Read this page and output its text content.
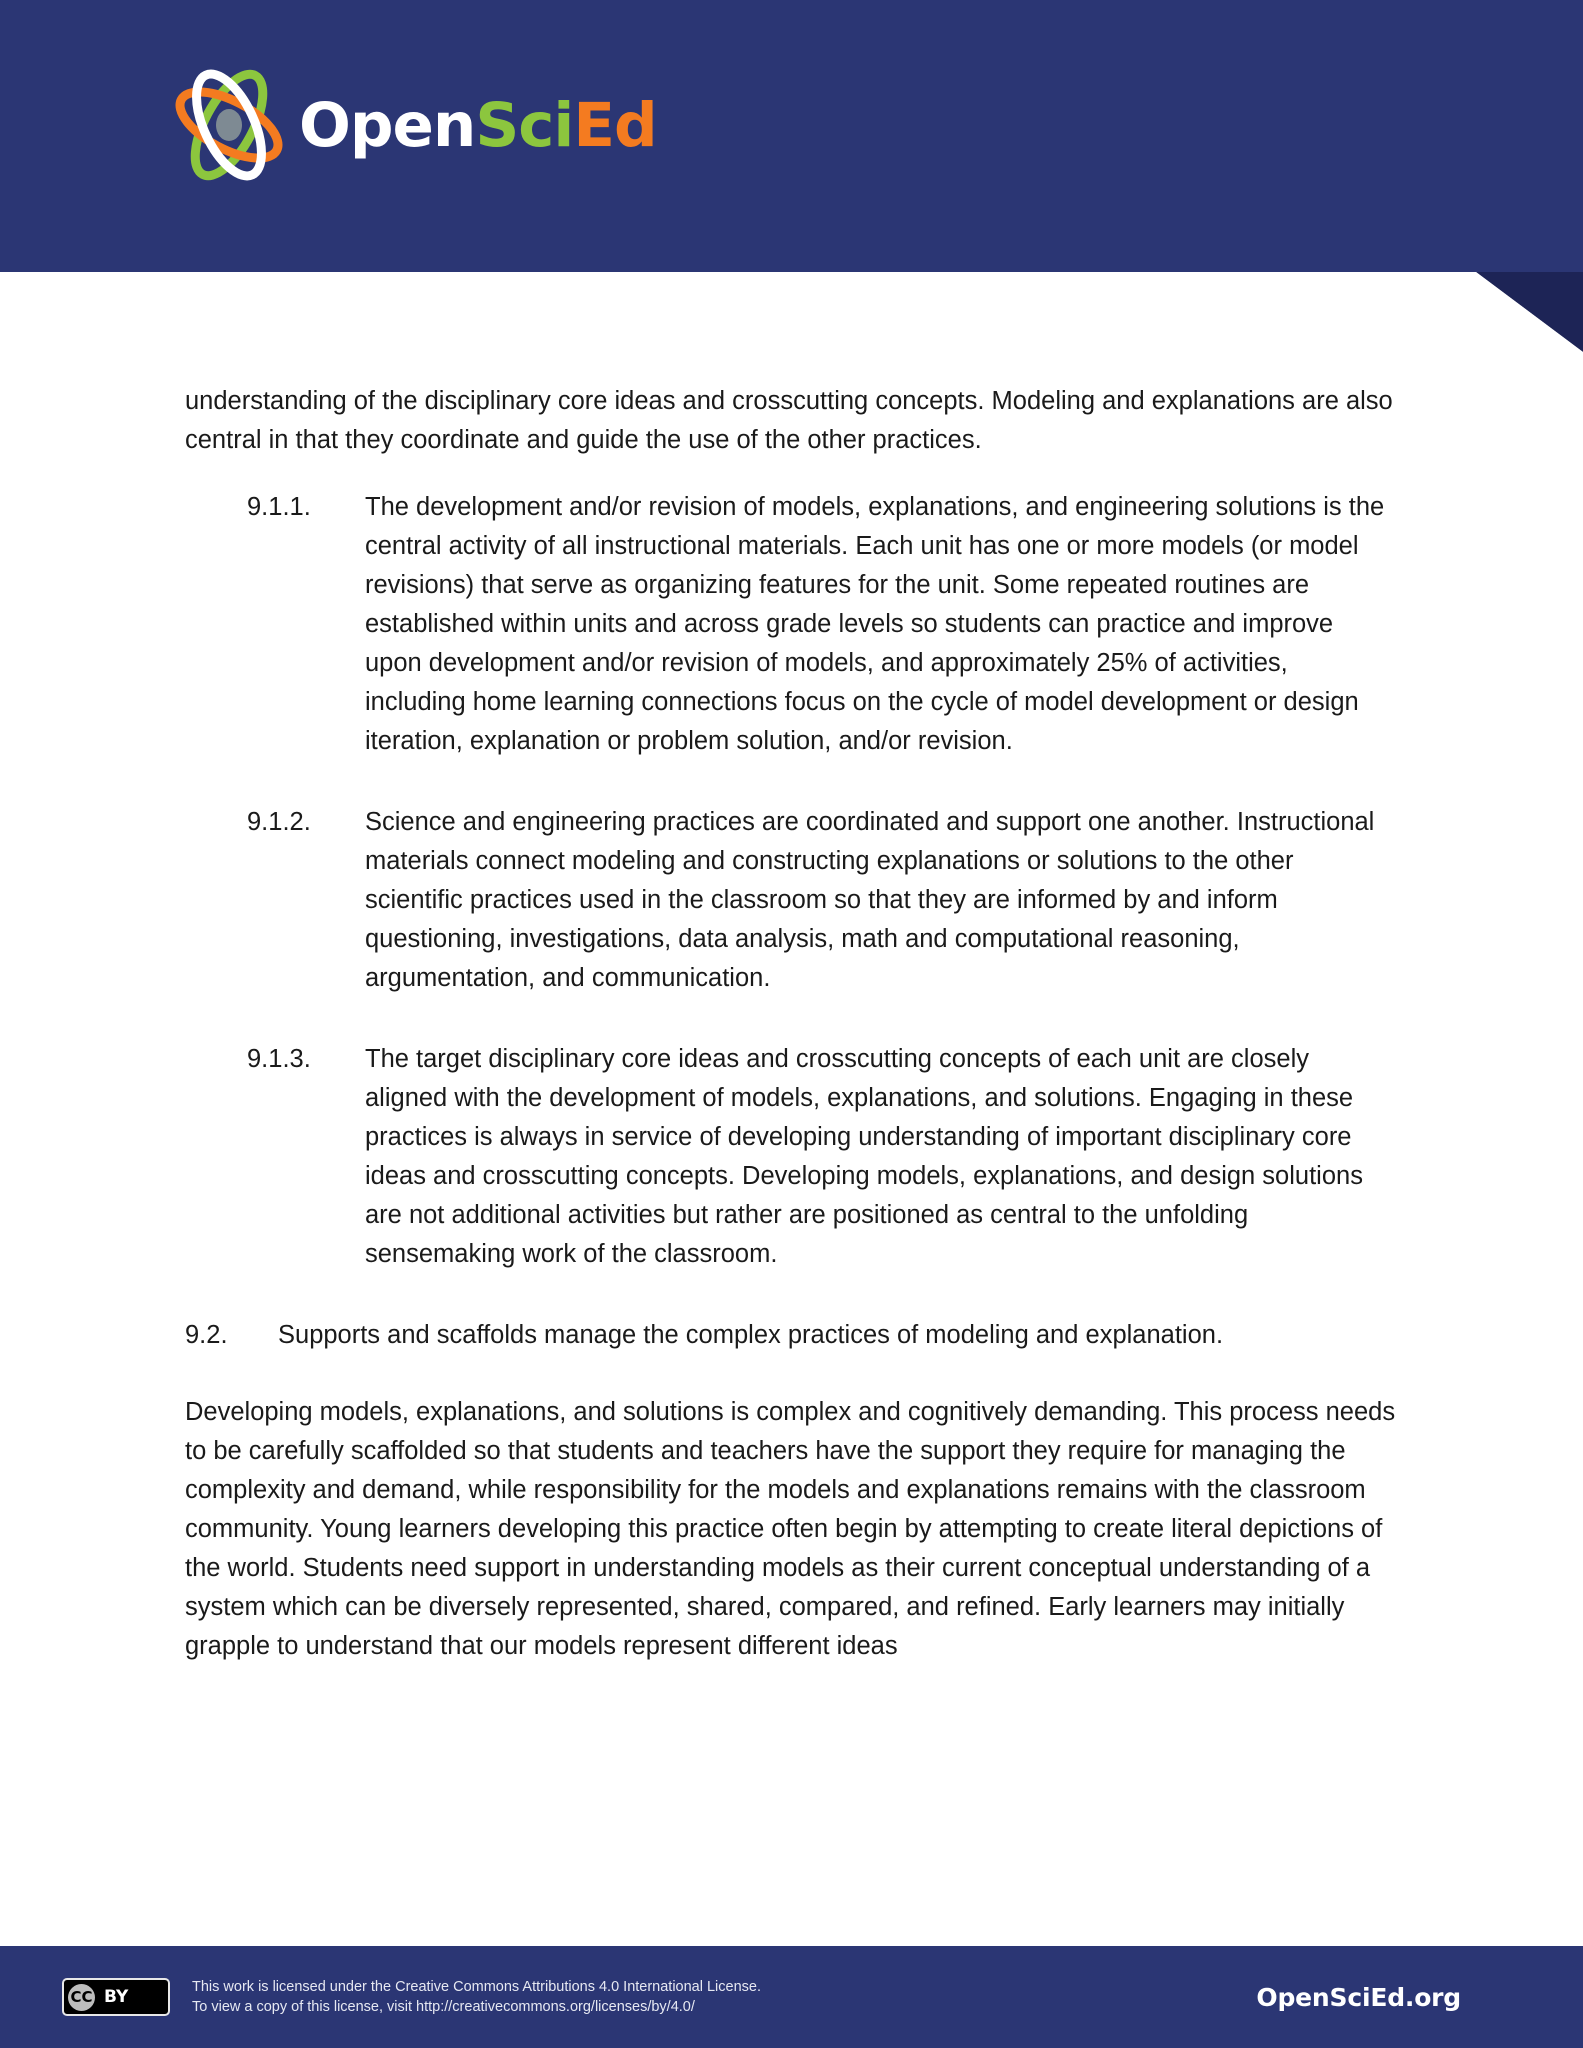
OpenSciEd

understanding of the disciplinary core ideas and crosscutting concepts. Modeling and explanations are also central in that they coordinate and guide the use of the other practices.

9.1.1.	The development and/or revision of models, explanations, and engineering solutions is the central activity of all instructional materials. Each unit has one or more models (or model revisions) that serve as organizing features for the unit. Some repeated routines are established within units and across grade levels so students can practice and improve upon development and/or revision of models, and approximately 25% of activities, including home learning connections focus on the cycle of model development or design iteration, explanation or problem solution, and/or revision.
9.1.2.	Science and engineering practices are coordinated and support one another. Instructional materials connect modeling and constructing explanations or solutions to the other scientific practices used in the classroom so that they are informed by and inform questioning, investigations, data analysis, math and computational reasoning, argumentation, and communication.
9.1.3.	The target disciplinary core ideas and crosscutting concepts of each unit are closely aligned with the development of models, explanations, and solutions. Engaging in these practices is always in service of developing understanding of important disciplinary core ideas and crosscutting concepts. Developing models, explanations, and design solutions are not additional activities but rather are positioned as central to the unfolding sensemaking work of the classroom.
9.2.	Supports and scaffolds manage the complex practices of modeling and explanation.

Developing models, explanations, and solutions is complex and cognitively demanding. This process needs to be carefully scaffolded so that students and teachers have the support they require for managing the complexity and demand, while responsibility for the models and explanations remains with the classroom community. Young learners developing this practice often begin by attempting to create literal depictions of the world. Students need support in understanding models as their current conceptual understanding of a system which can be diversely represented, shared, compared, and refined. Early learners may initially grapple to understand that our models represent different ideas

CC BY	This work is licensed under the Creative Commons Attributions 4.0 International License.
To view a copy of this license, visit http://creativecommons.org/licenses/by/4.0/	OpenSciEd.org
